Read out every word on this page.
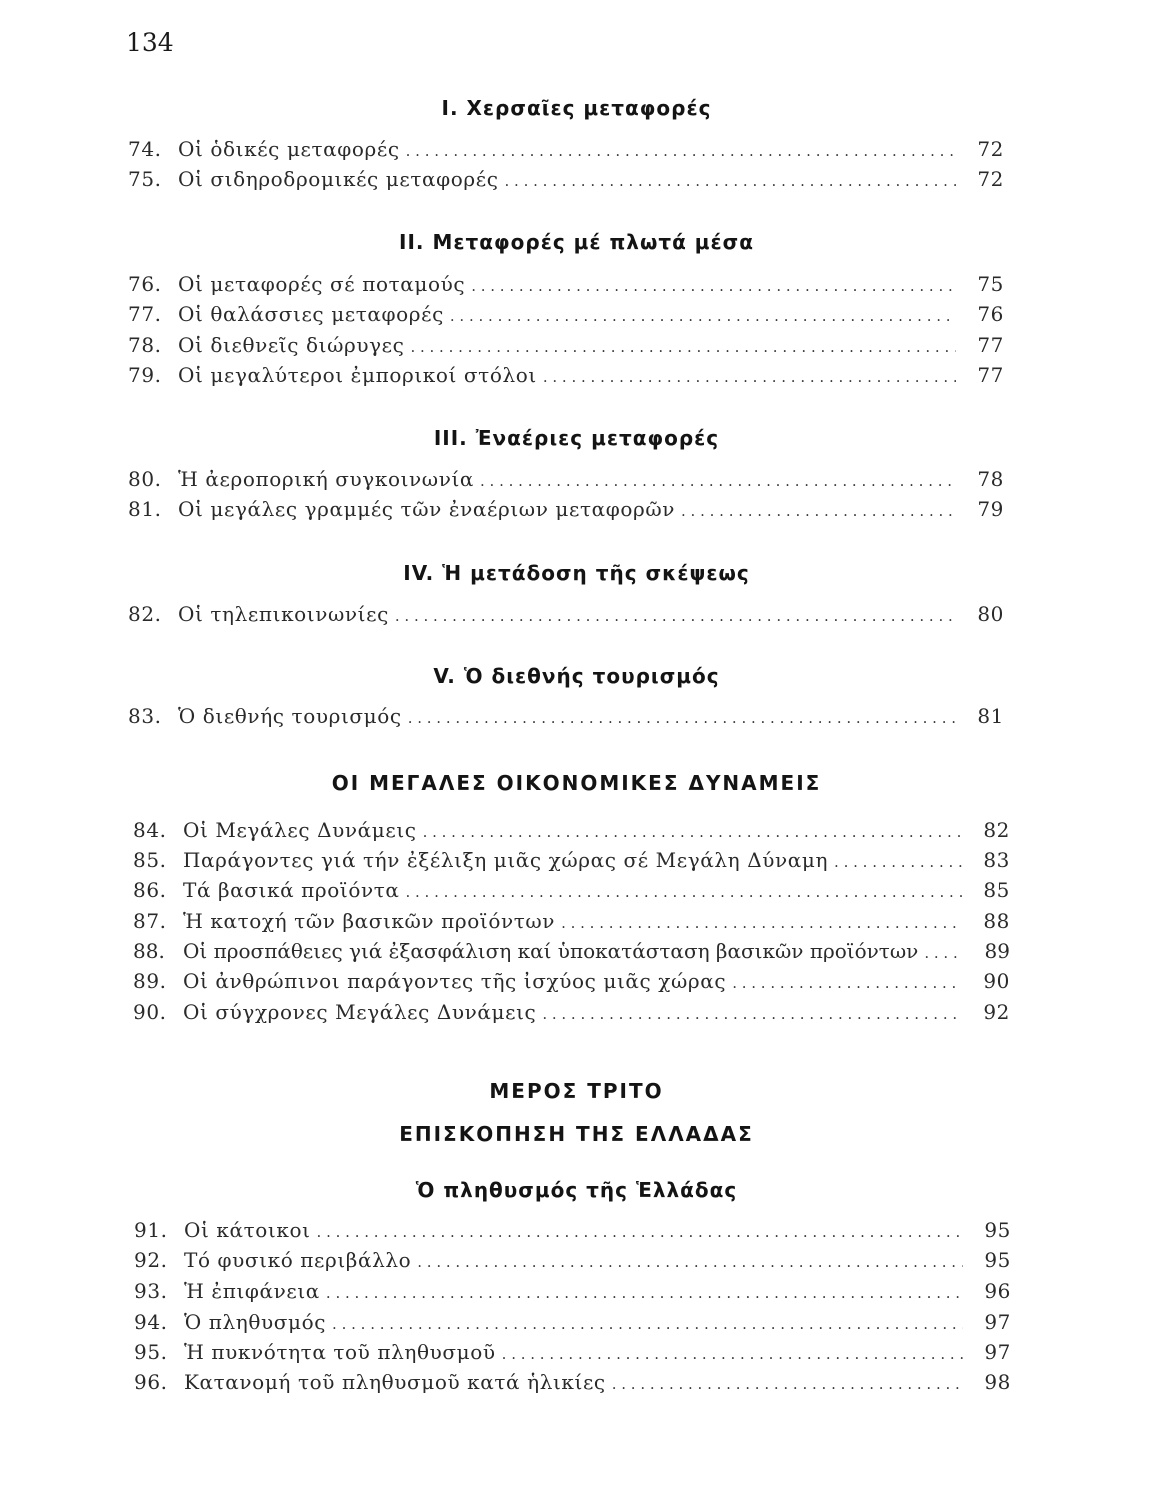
134
I. Χερσαῖες μεταφορές
74. Οἱ ὁδικές μεταφορές . . .	72
75. Οἱ σιδηροδρομικές μεταφορές . . .	72
II. Μεταφορές μέ πλωτά μέσα
76. Οἱ μεταφορές σέ ποταμούς . . .	75
77. Οἱ θαλάσσιες μεταφορές . . .	76
78. Οἱ διεθνεῖς διώρυγες . . .	77
79. Οἱ μεγαλύτεροι ἐμπορικοί στόλοι . . .	77
III. Ἐναέριες μεταφορές
80. Ἡ ἀεροπορική συγκοινωνία . . .	78
81. Οἱ μεγάλες γραμμές τῶν ἐναέριων μεταφορῶν . . .	79
IV. Ἡ μετάδοση τῆς σκέψεως
82. Οἱ τηλεπικοινωνίες . . .	80
V. Ὁ διεθνής τουρισμός
83. Ὁ διεθνής τουρισμός . . .	81
ΟΙ ΜΕΓΑΛΕΣ ΟΙΚΟΝΟΜΙΚΕΣ ΔΥΝΑΜΕΙΣ
84. Οἱ Μεγάλες Δυνάμεις . . .	82
85. Παράγοντες γιά τήν ἐξέλιξη μιᾶς χώρας σέ Μεγάλη Δύναμη . . .	83
86. Τά βασικά προϊόντα . . .	85
87. Ἡ κατοχή τῶν βασικῶν προϊόντων . . .	88
88. Οἱ προσπάθειες γιά ἐξασφάλιση καί ὑποκατάσταση βασικῶν προϊόντων . . .	89
89. Οἱ ἀνθρώπινοι παράγοντες τῆς ἰσχύος μιᾶς χώρας . . .	90
90. Οἱ σύγχρονες Μεγάλες Δυνάμεις . . .	92
ΜΕΡΟΣ ΤΡΙΤΟ
ΕΠΙΣΚΟΠΗΣΗ ΤΗΣ ΕΛΛΑΔΑΣ
Ὁ πληθυσμός τῆς Ἑλλάδας
91. Οἱ κάτοικοι . . .	95
92. Τό φυσικό περιβάλλο . . .	95
93. Ἡ ἐπιφάνεια . . .	96
94. Ὁ πληθυσμός . . .	97
95. Ἡ πυκνότητα τοῦ πληθυσμοῦ . . .	97
96. Κατανομή τοῦ πληθυσμοῦ κατά ἡλικίες . . .	98
